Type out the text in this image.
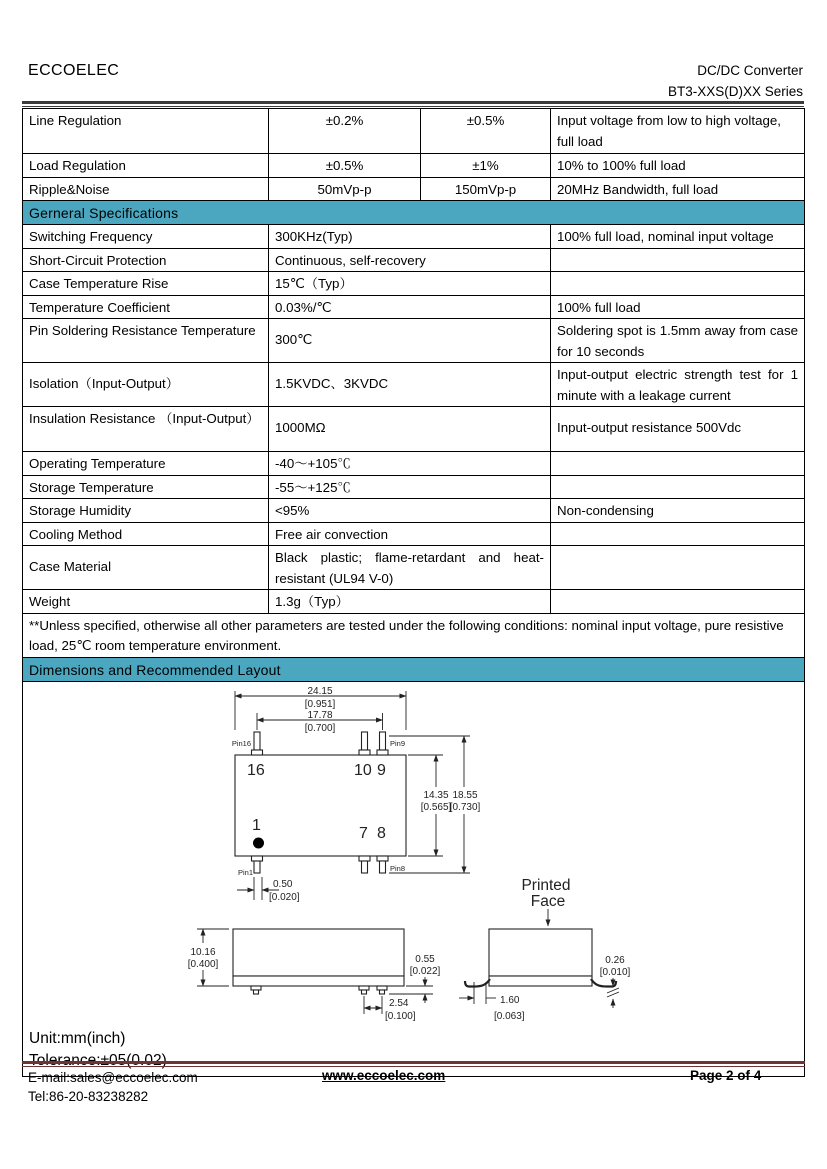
ECCOELEC	DC/DC Converter
BT3-XXS(D)XX Series
Line Regulation	±0.2%	±0.5%	Input voltage from low to high voltage, full load
Load Regulation	±0.5%	±1%	10% to 100% full load
Ripple&Noise	50mVp-p	150mVp-p	20MHz Bandwidth, full load
Gerneral Specifications			
Switching Frequency	300KHz(Typ)		100% full load, nominal input voltage
Short-Circuit Protection	Continuous, self-recovery		
Case Temperature Rise	15℃（Typ）		
Temperature Coefficient	0.03%/℃		100% full load
Pin Soldering Resistance Temperature	300℃		Soldering spot is 1.5mm away from case for 10 seconds
Isolation（Input-Output）	1.5KVDC、3KVDC		Input-output electric strength test for 1 minute with a leakage current
Insulation Resistance （Input-Output）	1000MΩ		Input-output resistance 500Vdc
Operating Temperature	-40～+105℃		
Storage Temperature	-55～+125℃		
Storage Humidity	<95%		Non-condensing
Cooling Method	Free air convection		
Case Material	Black plastic; flame-retardant and heat-resistant (UL94 V-0)		
Weight	1.3g（Typ）		
**Unless specified, otherwise all other parameters are tested under the following conditions: nominal input voltage, pure resistive load, 25℃ room temperature environment.			
Dimensions and Recommended Layout			

24.15
[0.951]
17.78
[0.700]
14.35
[0.565]
18.55
[0.730]
10.16
[0.400]	0.55
[0.022]
0.26
[0.010]
0.50
[0.020]
2.54
[0.100]
1.60
[0.063]
Pin16	Pin9
Pin1	Pin8
16	10 9
1	7 8
Printed
Face
Unit:mm(inch)
Tolerance:±05(0.02)
E-mail:sales@eccoelec.com
Tel:86-20-83238282
www.eccoelec.com	Page 2 of 4
